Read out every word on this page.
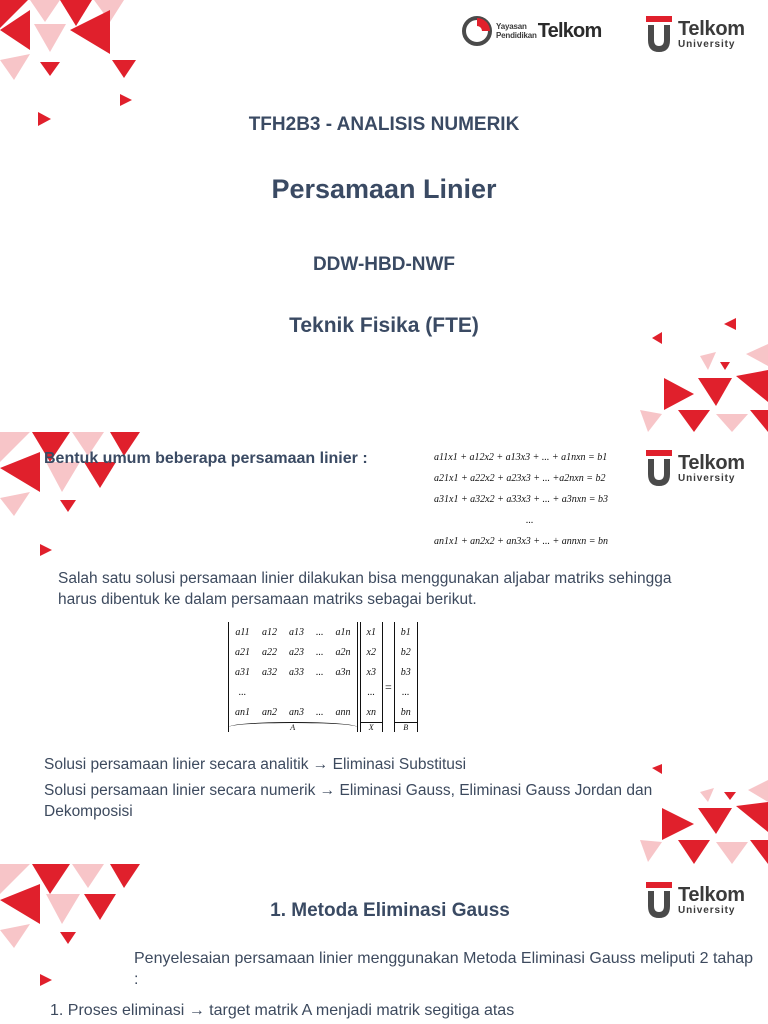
Yayasan
Pendidikan Telkom	Telkom
University
TFH2B3 - ANALISIS NUMERIK
Persamaan Linier
DDW-HBD-NWF
Teknik Fisika (FTE)
Telkom
University
Bentuk umum beberapa persamaan linier :	a11x1 + a12x2 + a13x3 + ... + a1nxn = b1
a21x1 + a22x2 + a23x3 + ... +a2nxn = b2
a31x1 + a32x2 + a33x3 + ... + a3nxn = b3
...
an1x1 + an2x2 + an3x3 + ... + annxn = bn
Salah satu solusi persamaan linier dilakukan bisa menggunakan aljabar matriks sehingga harus dibentuk ke dalam persamaan matriks sebagai berikut.
a11	a12	a13	...	a1n
a21	a22	a23	...	a2n
a31	a32	a33	...	a3n
...				
an1	an2	an3	...	ann
A
x1
x2
x3
...
xn
X
=
b1
b2
b3
...
bn
B
Solusi persamaan linier secara analitik → Eliminasi Substitusi
Solusi persamaan linier secara numerik → Eliminasi Gauss, Eliminasi Gauss Jordan dan Dekomposisi
Telkom
University
1. Metoda Eliminasi Gauss
Penyelesaian persamaan linier menggunakan Metoda Eliminasi Gauss meliputi 2 tahap :
1. Proses eliminasi → target matrik A menjadi matrik segitiga atas
